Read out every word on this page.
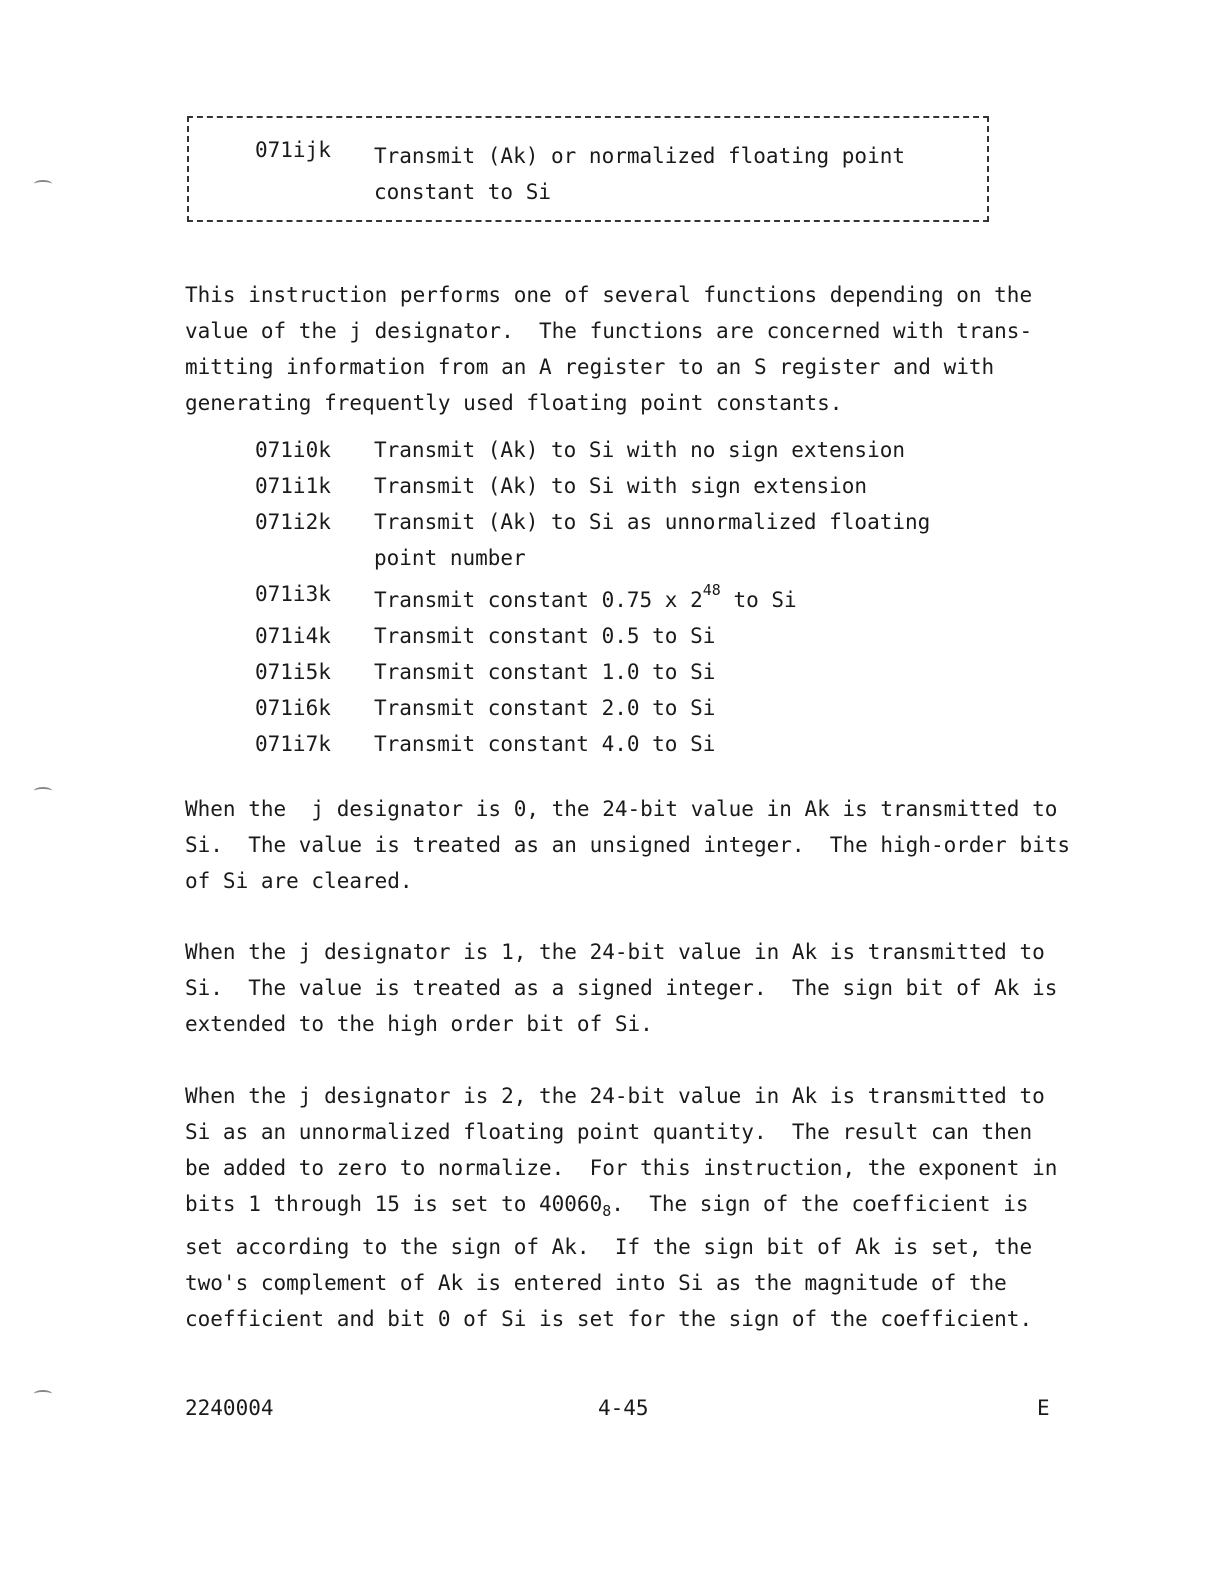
071ijk Transmit (Ak) or normalized floating point constant to Si
This instruction performs one of several functions depending on the
value of the j designator.  The functions are concerned with trans-
mitting information from an A register to an S register and with
generating frequently used floating point constants.
071i0k	Transmit (Ak) to Si with no sign extension
071i1k	Transmit (Ak) to Si with sign extension
071i2k	Transmit (Ak) to Si as unnormalized floating point number
071i3k	Transmit constant 0.75 x $2^{48}$ to Si
071i4k	Transmit constant 0.5 to Si
071i5k	Transmit constant 1.0 to Si
071i6k	Transmit constant 2.0 to Si
071i7k	Transmit constant 4.0 to Si
When the  j designator is 0, the 24-bit value in Ak is transmitted to
Si.  The value is treated as an unsigned integer.  The high-order bits
of Si are cleared.
When the j designator is 1, the 24-bit value in Ak is transmitted to
Si.  The value is treated as a signed integer.  The sign bit of Ak is
extended to the high order bit of Si.
When the j designator is 2, the 24-bit value in Ak is transmitted to
Si as an unnormalized floating point quantity.  The result can then
be added to zero to normalize.  For this instruction, the exponent in
bits 1 through 15 is set to $40060_8$.  The sign of the coefficient is
set according to the sign of Ak.  If the sign bit of Ak is set, the
two's complement of Ak is entered into Si as the magnitude of the
coefficient and bit 0 of Si is set for the sign of the coefficient.
2240004	4-45	E
